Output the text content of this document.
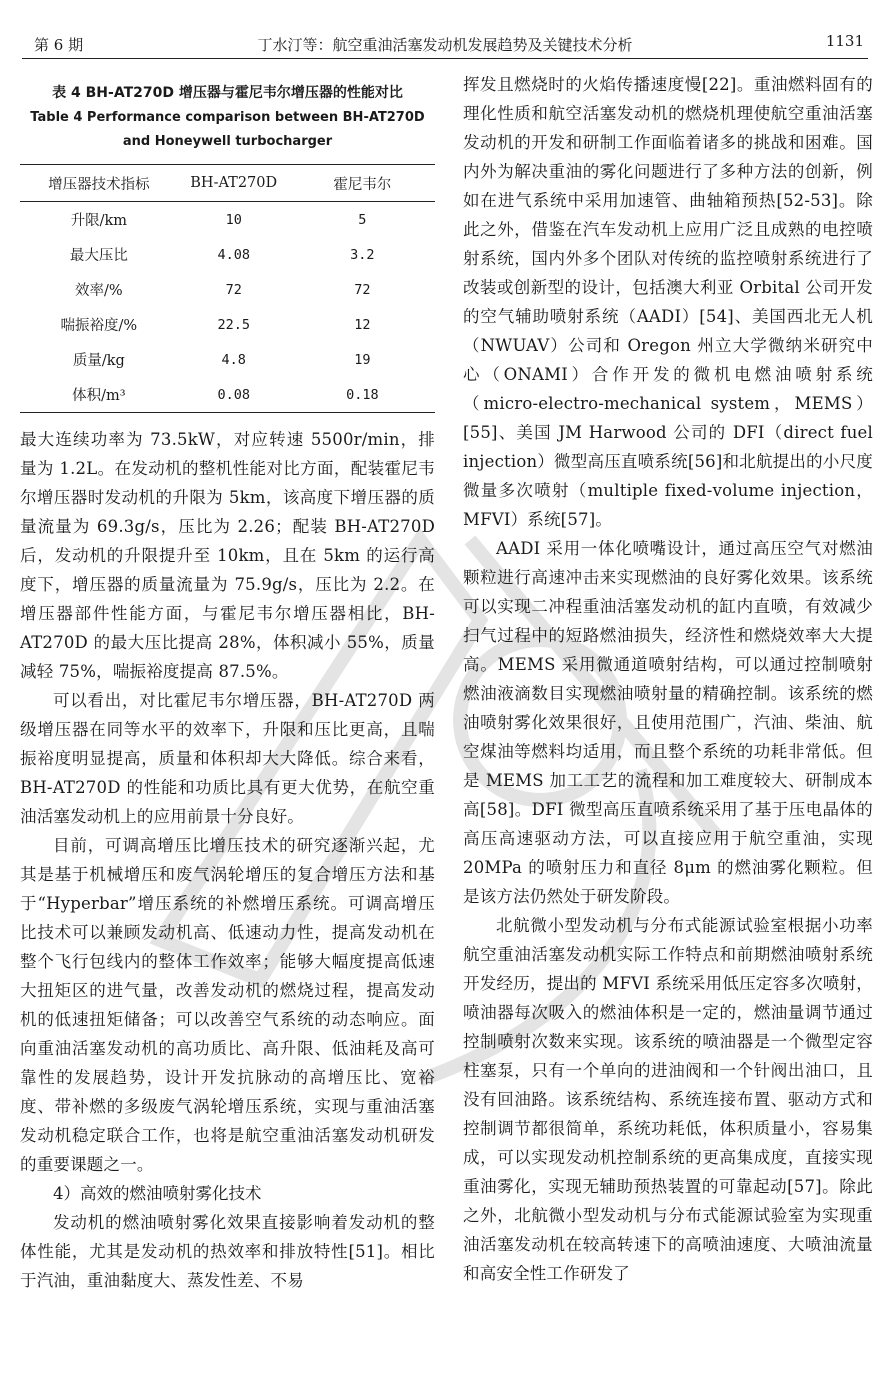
第 6 期	丁水汀等：航空重油活塞发动机发展趋势及关键技术分析	1131
表 4 BH-AT270D 增压器与霍尼韦尔增压器的性能对比
Table 4 Performance comparison between BH-AT270D
and Honeywell turbocharger
增压器技术指标	BH-AT270D	霍尼韦尔
升限/km	10	5
最大压比	4.08	3.2
效率/%	72	72
喘振裕度/%	22.5	12
质量/kg	4.8	19
体积/m³	0.08	0.18

最大连续功率为 73.5kW，对应转速 5500r/min，排量为 1.2L。在发动机的整机性能对比方面，配装霍尼韦尔增压器时发动机的升限为 5km，该高度下增压器的质量流量为 69.3g/s，压比为 2.26；配装 BH-AT270D 后，发动机的升限提升至 10km，且在 5km 的运行高度下，增压器的质量流量为 75.9g/s，压比为 2.2。在增压器部件性能方面，与霍尼韦尔增压器相比，BH-AT270D 的最大压比提高 28%，体积减小 55%，质量减轻 75%，喘振裕度提高 87.5%。

可以看出，对比霍尼韦尔增压器，BH-AT270D 两级增压器在同等水平的效率下，升限和压比更高，且喘振裕度明显提高，质量和体积却大大降低。综合来看，BH-AT270D 的性能和功质比具有更大优势，在航空重油活塞发动机上的应用前景十分良好。

目前，可调高增压比增压技术的研究逐渐兴起，尤其是基于机械增压和废气涡轮增压的复合增压方法和基于“Hyperbar”增压系统的补燃增压系统。可调高增压比技术可以兼顾发动机高、低速动力性，提高发动机在整个飞行包线内的整体工作效率；能够大幅度提高低速大扭矩区的进气量，改善发动机的燃烧过程，提高发动机的低速扭矩储备；可以改善空气系统的动态响应。面向重油活塞发动机的高功质比、高升限、低油耗及高可靠性的发展趋势，设计开发抗脉动的高增压比、宽裕度、带补燃的多级废气涡轮增压系统，实现与重油活塞发动机稳定联合工作，也将是航空重油活塞发动机研发的重要课题之一。

4）高效的燃油喷射雾化技术

发动机的燃油喷射雾化效果直接影响着发动机的整体性能，尤其是发动机的热效率和排放特性[51]。相比于汽油，重油黏度大、蒸发性差、不易

挥发且燃烧时的火焰传播速度慢[22]。重油燃料固有的理化性质和航空活塞发动机的燃烧机理使航空重油活塞发动机的开发和研制工作面临着诸多的挑战和困难。国内外为解决重油的雾化问题进行了多种方法的创新，例如在进气系统中采用加速管、曲轴箱预热[52-53]。除此之外，借鉴在汽车发动机上应用广泛且成熟的电控喷射系统，国内外多个团队对传统的监控喷射系统进行了改装或创新型的设计，包括澳大利亚 Orbital 公司开发的空气辅助喷射系统（AADI）[54]、美国西北无人机（NWUAV）公司和 Oregon 州立大学微纳米研究中心（ONAMI）合作开发的微机电燃油喷射系统（micro-electro-mechanical system，MEMS）[55]、美国 JM Harwood 公司的 DFI（direct fuel injection）微型高压直喷系统[56]和北航提出的小尺度微量多次喷射（multiple fixed-volume injection，MFVI）系统[57]。

AADI 采用一体化喷嘴设计，通过高压空气对燃油颗粒进行高速冲击来实现燃油的良好雾化效果。该系统可以实现二冲程重油活塞发动机的缸内直喷，有效减少扫气过程中的短路燃油损失，经济性和燃烧效率大大提高。MEMS 采用微通道喷射结构，可以通过控制喷射燃油液滴数目实现燃油喷射量的精确控制。该系统的燃油喷射雾化效果很好，且使用范围广，汽油、柴油、航空煤油等燃料均适用，而且整个系统的功耗非常低。但是 MEMS 加工工艺的流程和加工难度较大、研制成本高[58]。DFI 微型高压直喷系统采用了基于压电晶体的高压高速驱动方法，可以直接应用于航空重油，实现 20MPa 的喷射压力和直径 8μm 的燃油雾化颗粒。但是该方法仍然处于研发阶段。

北航微小型发动机与分布式能源试验室根据小功率航空重油活塞发动机实际工作特点和前期燃油喷射系统开发经历，提出的 MFVI 系统采用低压定容多次喷射，喷油器每次吸入的燃油体积是一定的，燃油量调节通过控制喷射次数来实现。该系统的喷油器是一个微型定容柱塞泵，只有一个单向的进油阀和一个针阀出油口，且没有回油路。该系统结构、系统连接布置、驱动方式和控制调节都很简单，系统功耗低，体积质量小，容易集成，可以实现发动机控制系统的更高集成度，直接实现重油雾化，实现无辅助预热装置的可靠起动[57]。除此之外，北航微小型发动机与分布式能源试验室为实现重油活塞发动机在较高转速下的高喷油速度、大喷油流量和高安全性工作研发了
